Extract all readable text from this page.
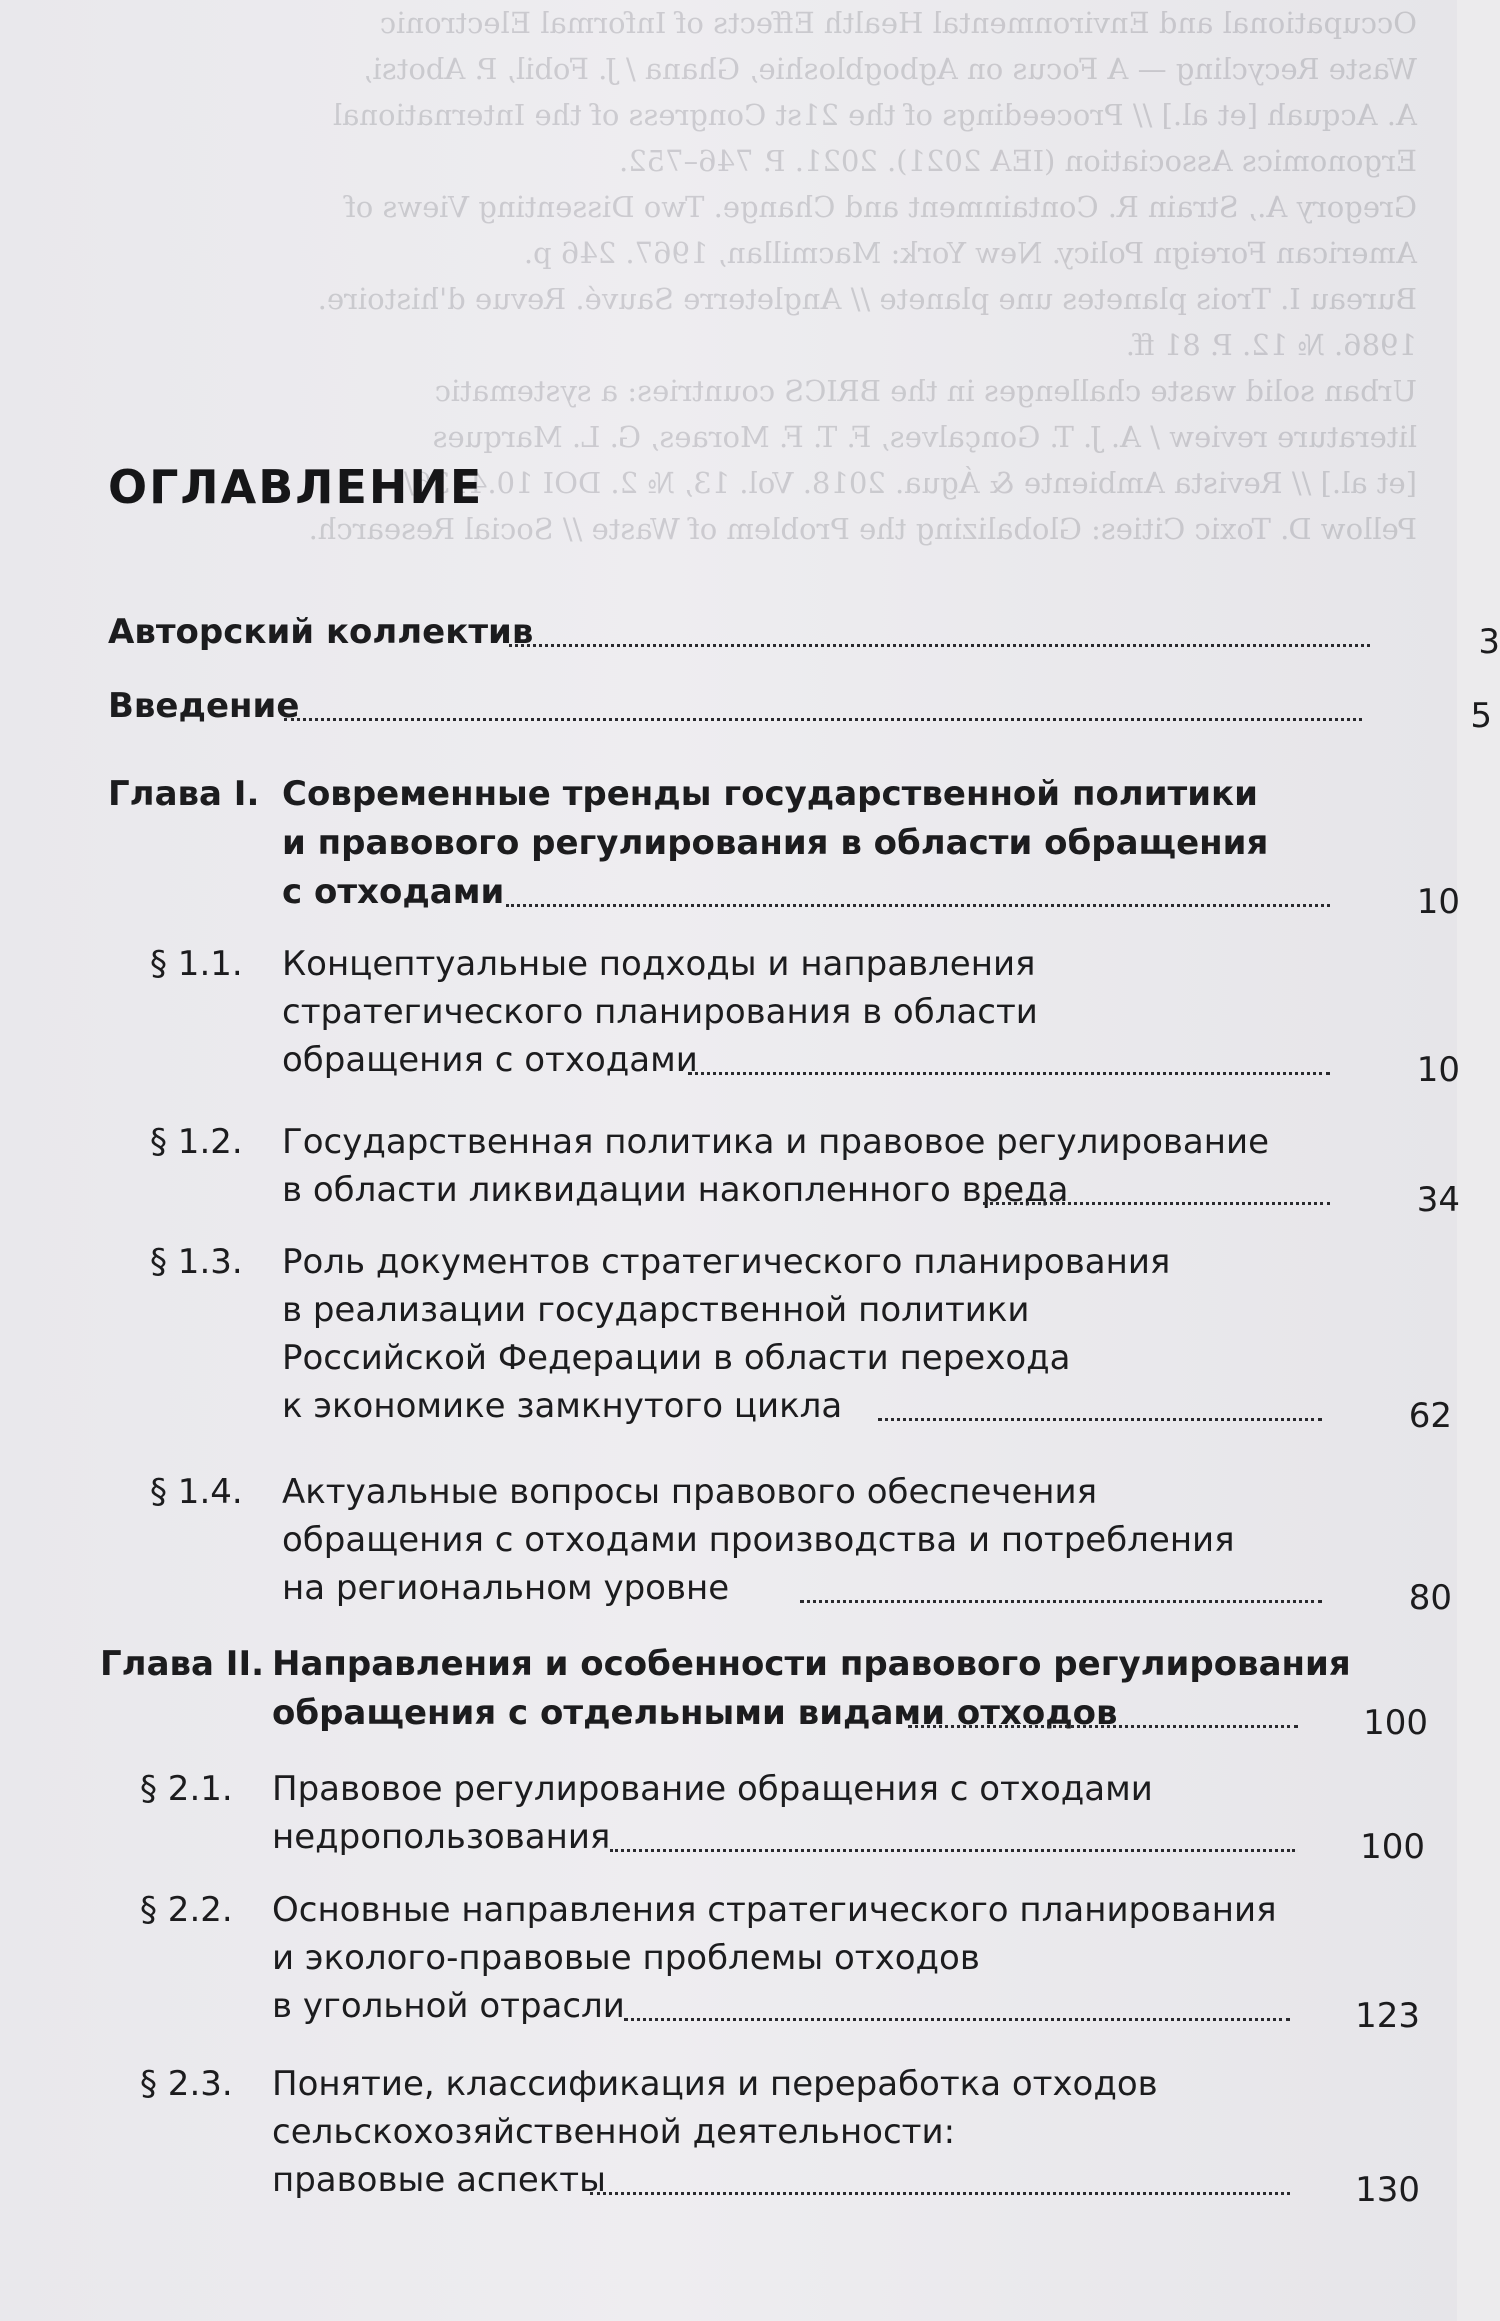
Occupational and Environmental Health Effects of Informal Electronic
Waste Recycling — A Focus on Agbogbloshie, Ghana / J. Fobil, P. Abotsi,
A. Acquah [et al.] // Proceedings of the 21st Congress of the International
Ergonomics Association (IEA 2021). 2021. P. 746–752.
Gregory A., Strain R. Containment and Change. Two Dissenting Views of
American Foreign Policy. New York: Macmillan, 1967. 246 p.
Bureau I. Trois planetes une planete // Angleterre Sauvé. Revue d'histoire.
1986. № 12. P. 81 ff.
Urban solid waste challenges in the BRICS countries: a systematic
literature review / A. J. T. Gonçalves, F. T. F. Moraes, G. L. Marques
[et al.] // Revista Ambiente & Água. 2018. Vol. 13, № 2. DOI 10.4136/
Pellow D. Toxic Cities: Globalizing the Problem of Waste // Social Research.
ОГЛАВЛЕНИЕ
Авторский коллектив	3
Введение	5
Глава I. Современные тренды государственной политики
и правового регулирования в области обращения
с отходами	10
§ 1.1. Концептуальные подходы и направления
стратегического планирования в области
обращения с отходами	10
§ 1.2. Государственная политика и правовое регулирование
в области ликвидации накопленного вреда	34
§ 1.3. Роль документов стратегического планирования
в реализации государственной политики
Российской Федерации в области перехода
к экономике замкнутого цикла	62
§ 1.4. Актуальные вопросы правового обеспечения
обращения с отходами производства и потребления
на региональном уровне	80
Глава II. Направления и особенности правового регулирования
обращения с отдельными видами отходов	100
§ 2.1. Правовое регулирование обращения с отходами
недропользования	100
§ 2.2. Основные направления стратегического планирования
и эколого-правовые проблемы отходов
в угольной отрасли	123
§ 2.3. Понятие, классификация и переработка отходов
сельскохозяйственной деятельности:
правовые аспекты	130
